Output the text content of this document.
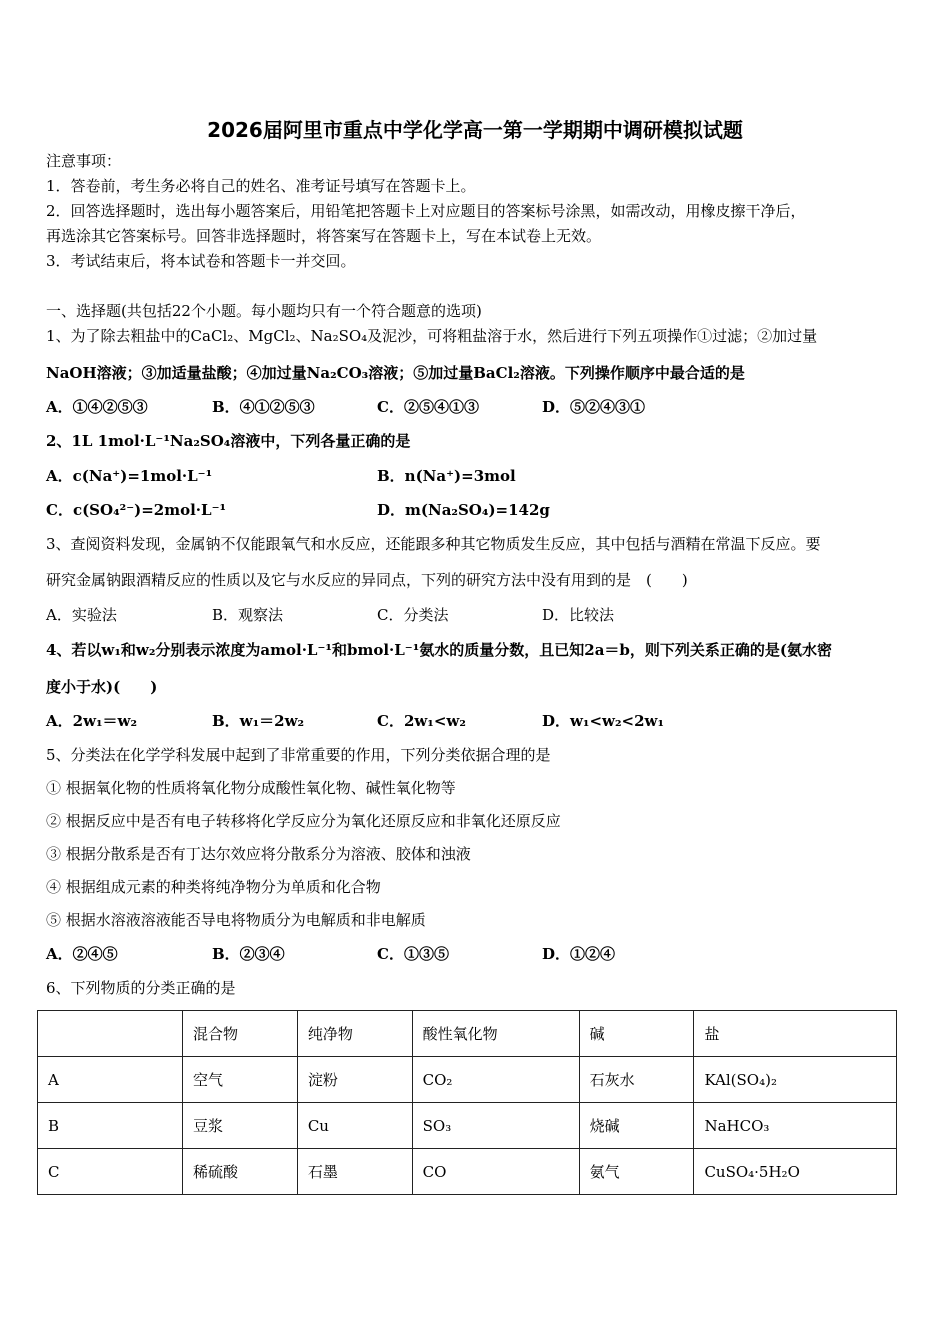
2026届阿里市重点中学化学高一第一学期期中调研模拟试题
注意事项：
1．答卷前，考生务必将自己的姓名、准考证号填写在答题卡上。
2．回答选择题时，选出每小题答案后，用铅笔把答题卡上对应题目的答案标号涂黑，如需改动，用橡皮擦干净后，
再选涂其它答案标号。回答非选择题时，将答案写在答题卡上，写在本试卷上无效。
3．考试结束后，将本试卷和答题卡一并交回。
一、选择题(共包括22个小题。每小题均只有一个符合题意的选项)
1、为了除去粗盐中的CaCl₂、MgCl₂、Na₂SO₄及泥沙，可将粗盐溶于水，然后进行下列五项操作①过滤；②加过量
NaOH溶液；③加适量盐酸；④加过量Na₂CO₃溶液；⑤加过量BaCl₂溶液。下列操作顺序中最合适的是
A．①④②⑤③	B．④①②⑤③	C．②⑤④①③	D．⑤②④③①
2、1L 1mol·L⁻¹Na₂SO₄溶液中，下列各量正确的是
A．c(Na⁺)=1mol·L⁻¹	B．n(Na⁺)=3mol
C．c(SO₄²⁻)=2mol·L⁻¹	D．m(Na₂SO₄)=142g
3、查阅资料发现，金属钠不仅能跟氧气和水反应，还能跟多种其它物质发生反应，其中包括与酒精在常温下反应。要
研究金属钠跟酒精反应的性质以及它与水反应的异同点，下列的研究方法中没有用到的是　(　　)
A．实验法	B．观察法	C．分类法	D．比较法
4、若以w₁和w₂分别表示浓度为amol·L⁻¹和bmol·L⁻¹氨水的质量分数，且已知2a＝b，则下列关系正确的是(氨水密
度小于水)(　　)
A．2w₁＝w₂	B．w₁＝2w₂	C．2w₁<w₂	D．w₁<w₂<2w₁
5、分类法在化学学科发展中起到了非常重要的作用，下列分类依据合理的是
① 根据氧化物的性质将氧化物分成酸性氧化物、碱性氧化物等
② 根据反应中是否有电子转移将化学反应分为氧化还原反应和非氧化还原反应
③ 根据分散系是否有丁达尔效应将分散系分为溶液、胶体和浊液
④ 根据组成元素的种类将纯净物分为单质和化合物
⑤ 根据水溶液溶液能否导电将物质分为电解质和非电解质
A．②④⑤	B．②③④	C．①③⑤	D．①②④
6、下列物质的分类正确的是
	混合物	纯净物	酸性氧化物	碱	盐
A	空气	淀粉	CO₂	石灰水	KAl(SO₄)₂
B	豆浆	Cu	SO₃	烧碱	NaHCO₃
C	稀硫酸	石墨	CO	氨气	CuSO₄·5H₂O
